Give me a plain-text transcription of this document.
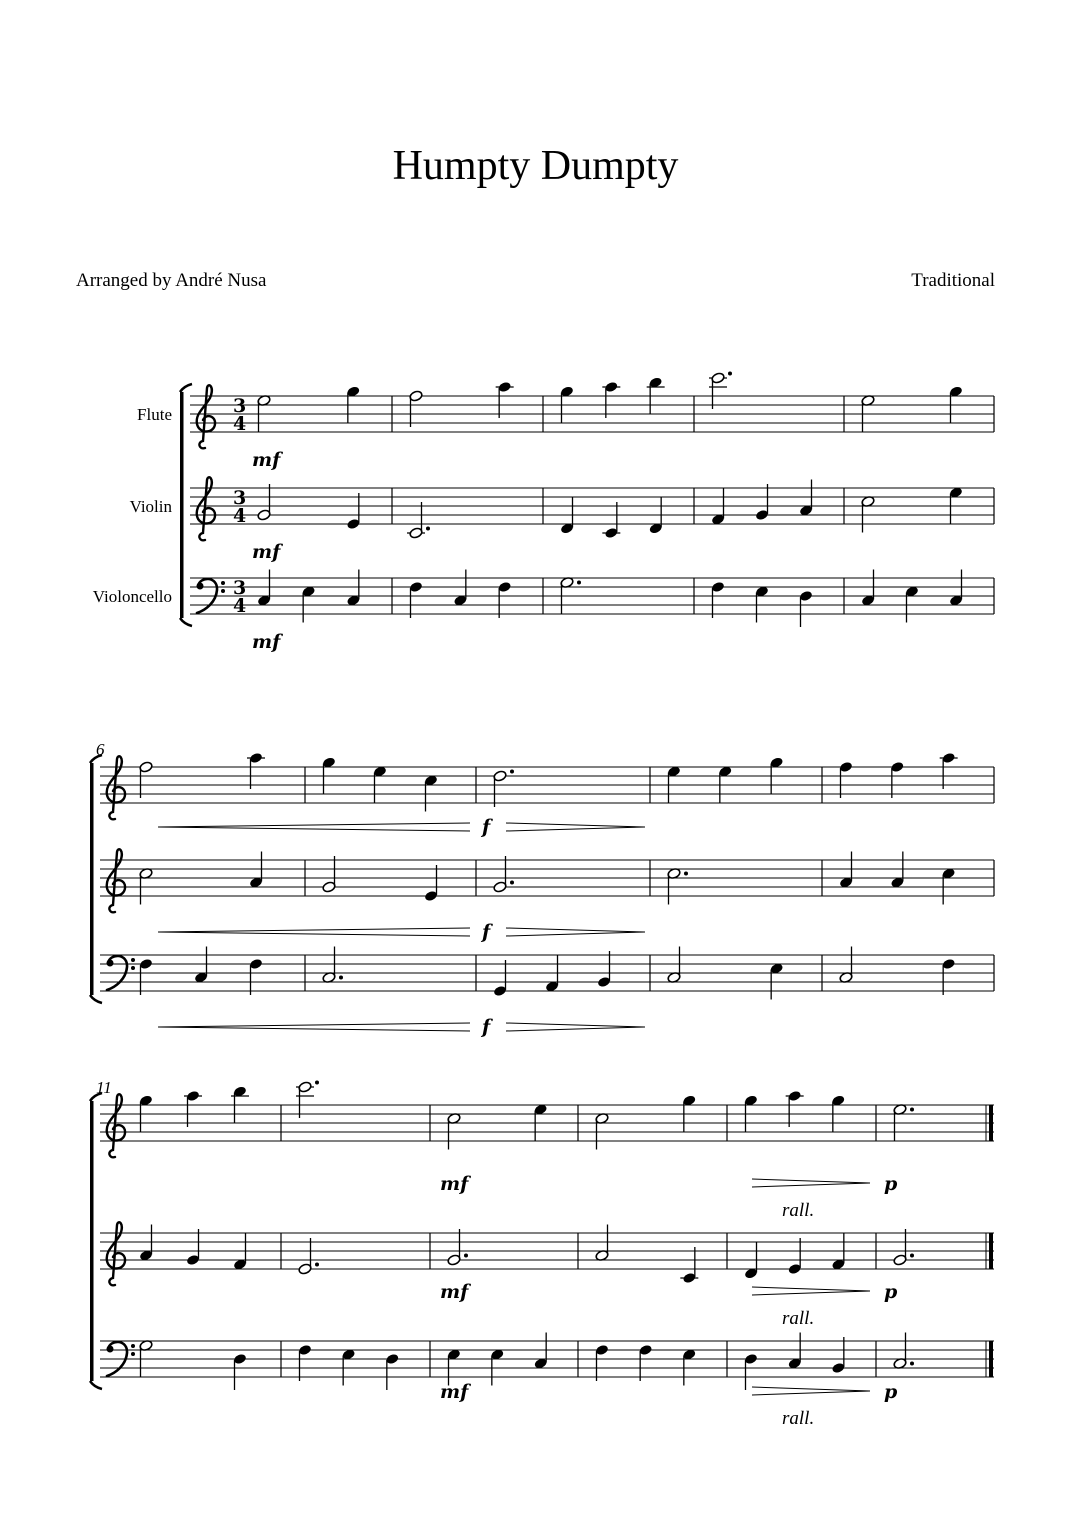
Humpty Dumpty
Arranged by André Nusa	Traditional
Flute	3
4
Violin	3
4
Violoncello	3
4
6
11
mf
mf
mf
f
f
f
mf
rall.
p
mf
rall.
p
mf
rall.
p
